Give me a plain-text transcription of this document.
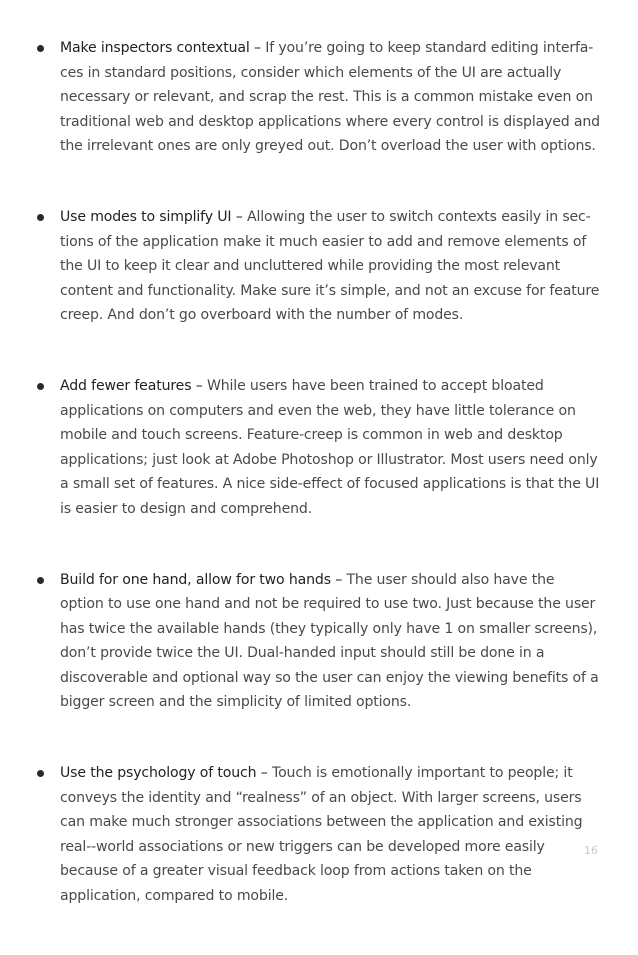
Make inspectors contextual – If you’re going to keep standard editing interfaces in standard positions, consider which elements of the UI are actually necessary or relevant, and scrap the rest. This is a common mistake even on traditional web and desktop applications where every control is displayed and the irrelevant ones are only greyed out. Don’t overload the user with options.
Use modes to simplify UI – Allowing the user to switch contexts easily in sections of the application make it much easier to add and remove elements of the UI to keep it clear and uncluttered while providing the most relevant content and functionality. Make sure it’s simple, and not an excuse for feature creep. And don’t go overboard with the number of modes.
Add fewer features – While users have been trained to accept bloated applications on computers and even the web, they have little tolerance on mobile and touch screens. Feature-creep is common in web and desktop applications; just look at Adobe Photoshop or Illustrator. Most users need only a small set of features. A nice side-effect of focused applications is that the UI is easier to design and comprehend.
Build for one hand, allow for two hands – The user should also have the option to use one hand and not be required to use two. Just because the user has twice the available hands (they typically only have 1 on smaller screens), don’t provide twice the UI. Dual-handed input should still be done in a discoverable and optional way so the user can enjoy the viewing benefits of a bigger screen and the simplicity of limited options.
Use the psychology of touch – Touch is emotionally important to people; it conveys the identity and “realness” of an object. With larger screens, users can make much stronger associations between the application and existing real--world associations or new triggers can be developed more easily because of a greater visual feedback loop from actions taken on the application, compared to mobile.
16
